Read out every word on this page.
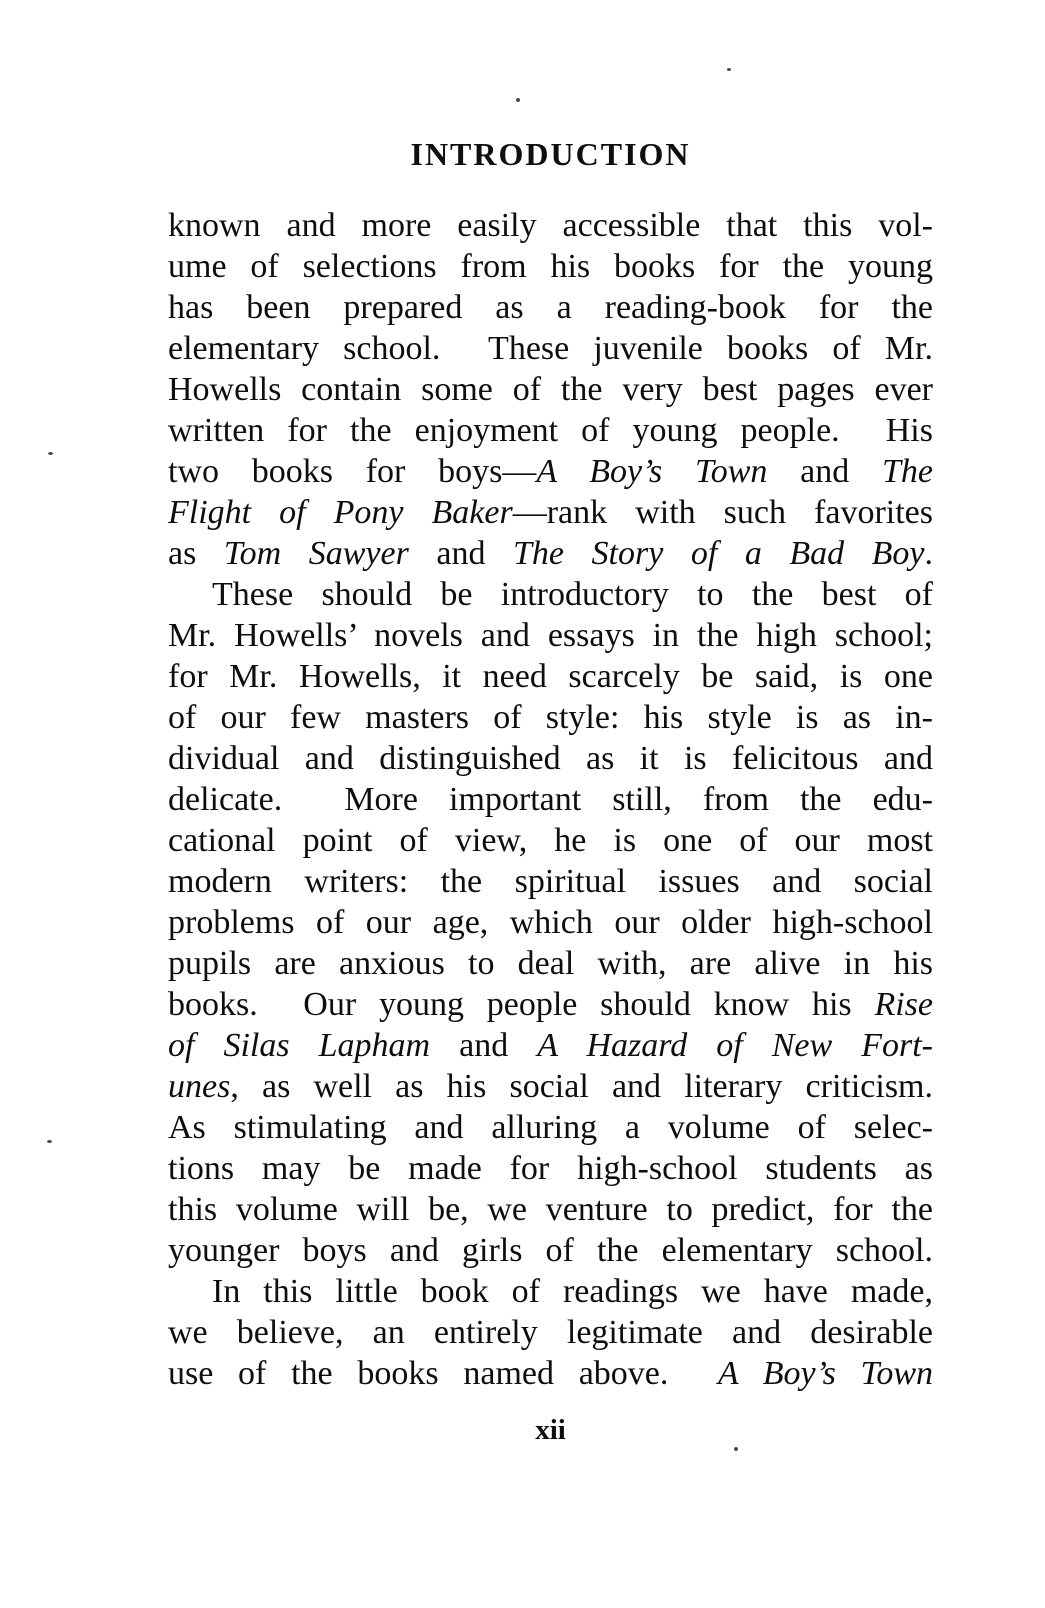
INTRODUCTION
known and more easily accessible that this vol-
ume of selections from his books for the young
has been prepared as a reading-book for the
elementary school.  These juvenile books of Mr.
Howells contain some of the very best pages ever
written for the enjoyment of young people.  His
two books for boys—A Boy’s Town and The
Flight of Pony Baker—rank with such favorites
as Tom Sawyer and The Story of a Bad Boy.
These should be introductory to the best of
Mr. Howells’ novels and essays in the high school;
for Mr. Howells, it need scarcely be said, is one
of our few masters of style: his style is as in-
dividual and distinguished as it is felicitous and
delicate.  More important still, from the edu-
cational point of view, he is one of our most
modern writers: the spiritual issues and social
problems of our age, which our older high-school
pupils are anxious to deal with, are alive in his
books.  Our young people should know his Rise
of Silas Lapham and A Hazard of New Fort-
unes, as well as his social and literary criticism.
As stimulating and alluring a volume of selec-
tions may be made for high-school students as
this volume will be, we venture to predict, for the
younger boys and girls of the elementary school.
In this little book of readings we have made,
we believe, an entirely legitimate and desirable
use of the books named above.  A Boy’s Town
xii
